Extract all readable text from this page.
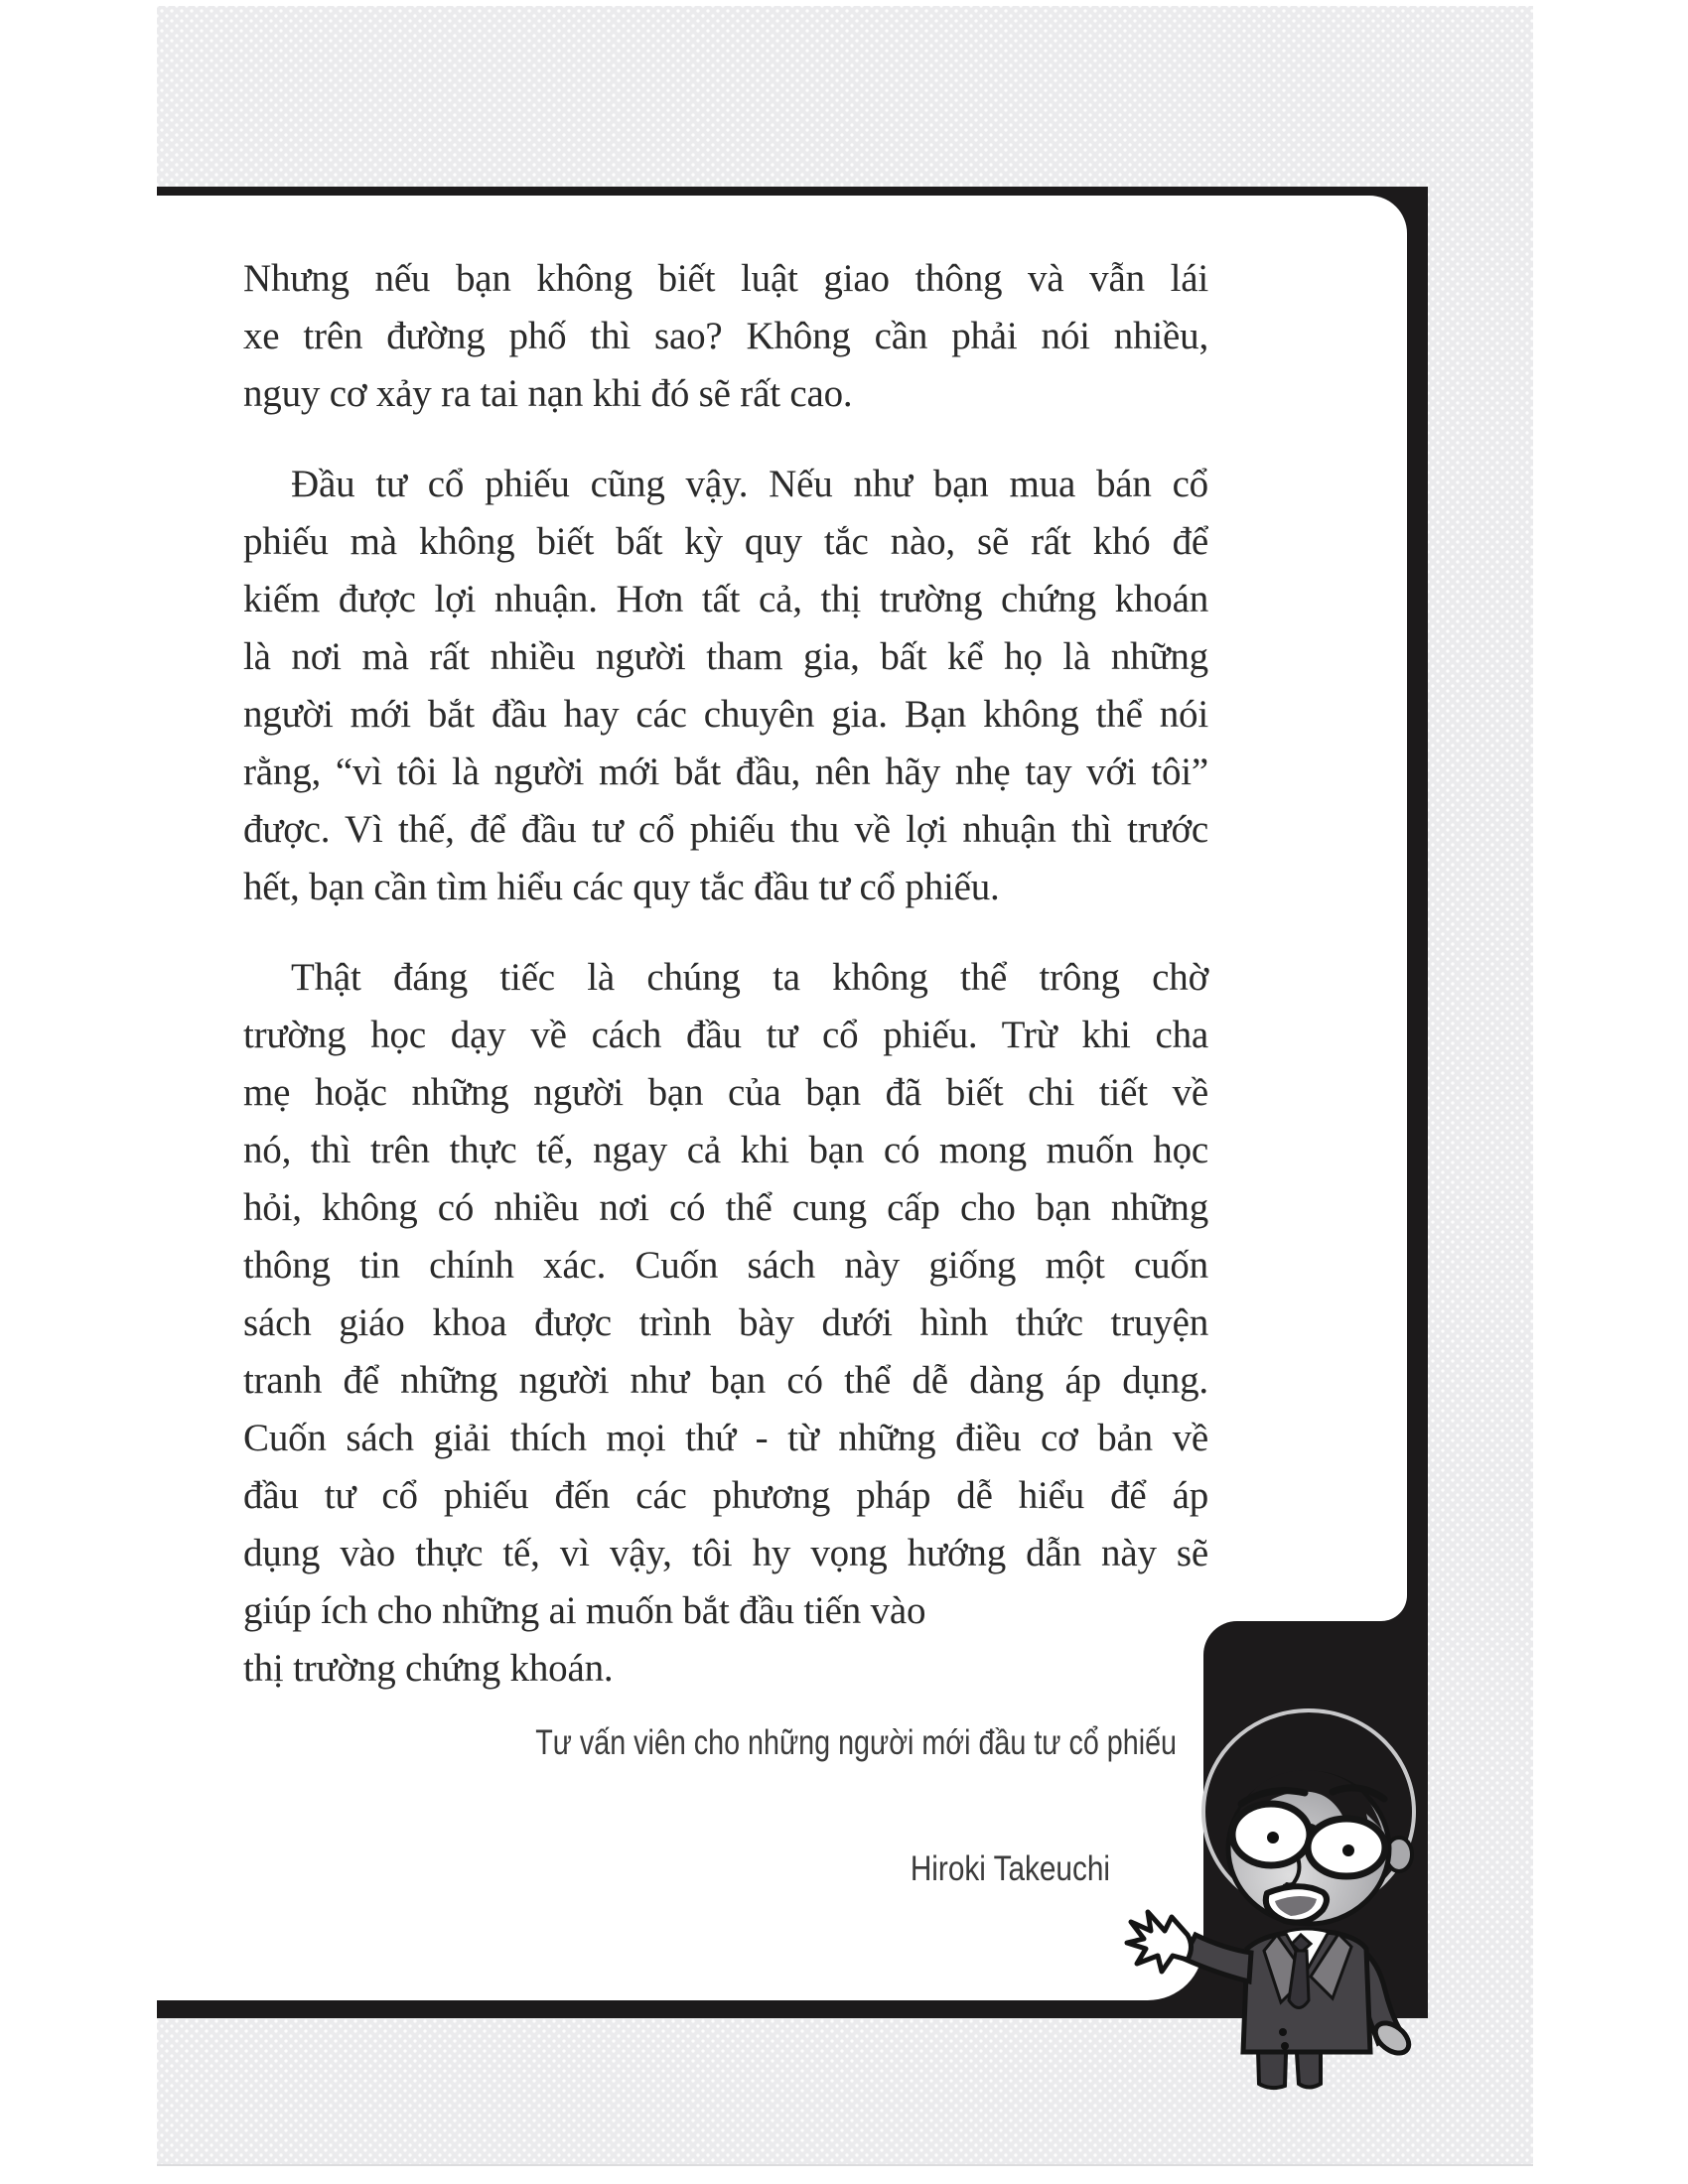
Nhưng nếu bạn không biết luật giao thông và vẫn lái
xe trên đường phố thì sao? Không cần phải nói nhiều,
nguy cơ xảy ra tai nạn khi đó sẽ rất cao.
Đầu tư cổ phiếu cũng vậy. Nếu như bạn mua bán cổ
phiếu mà không biết bất kỳ quy tắc nào, sẽ rất khó để
kiếm được lợi nhuận. Hơn tất cả, thị trường chứng khoán
là nơi mà rất nhiều người tham gia, bất kể họ là những
người mới bắt đầu hay các chuyên gia. Bạn không thể nói
rằng, “vì tôi là người mới bắt đầu, nên hãy nhẹ tay với tôi”
được. Vì thế, để đầu tư cổ phiếu thu về lợi nhuận thì trước
hết, bạn cần tìm hiểu các quy tắc đầu tư cổ phiếu.
Thật đáng tiếc là chúng ta không thể trông chờ
trường học dạy về cách đầu tư cổ phiếu. Trừ khi cha
mẹ hoặc những người bạn của bạn đã biết chi tiết về
nó, thì trên thực tế, ngay cả khi bạn có mong muốn học
hỏi, không có nhiều nơi có thể cung cấp cho bạn những
thông tin chính xác. Cuốn sách này giống một cuốn
sách giáo khoa được trình bày dưới hình thức truyện
tranh để những người như bạn có thể dễ dàng áp dụng.
Cuốn sách giải thích mọi thứ - từ những điều cơ bản về
đầu tư cổ phiếu đến các phương pháp dễ hiểu để áp
dụng vào thực tế, vì vậy, tôi hy vọng hướng dẫn này sẽ
giúp ích cho những ai muốn bắt đầu tiến vào
thị trường chứng khoán.
Tư vấn viên cho những người mới đầu tư cổ phiếu
Hiroki Takeuchi
